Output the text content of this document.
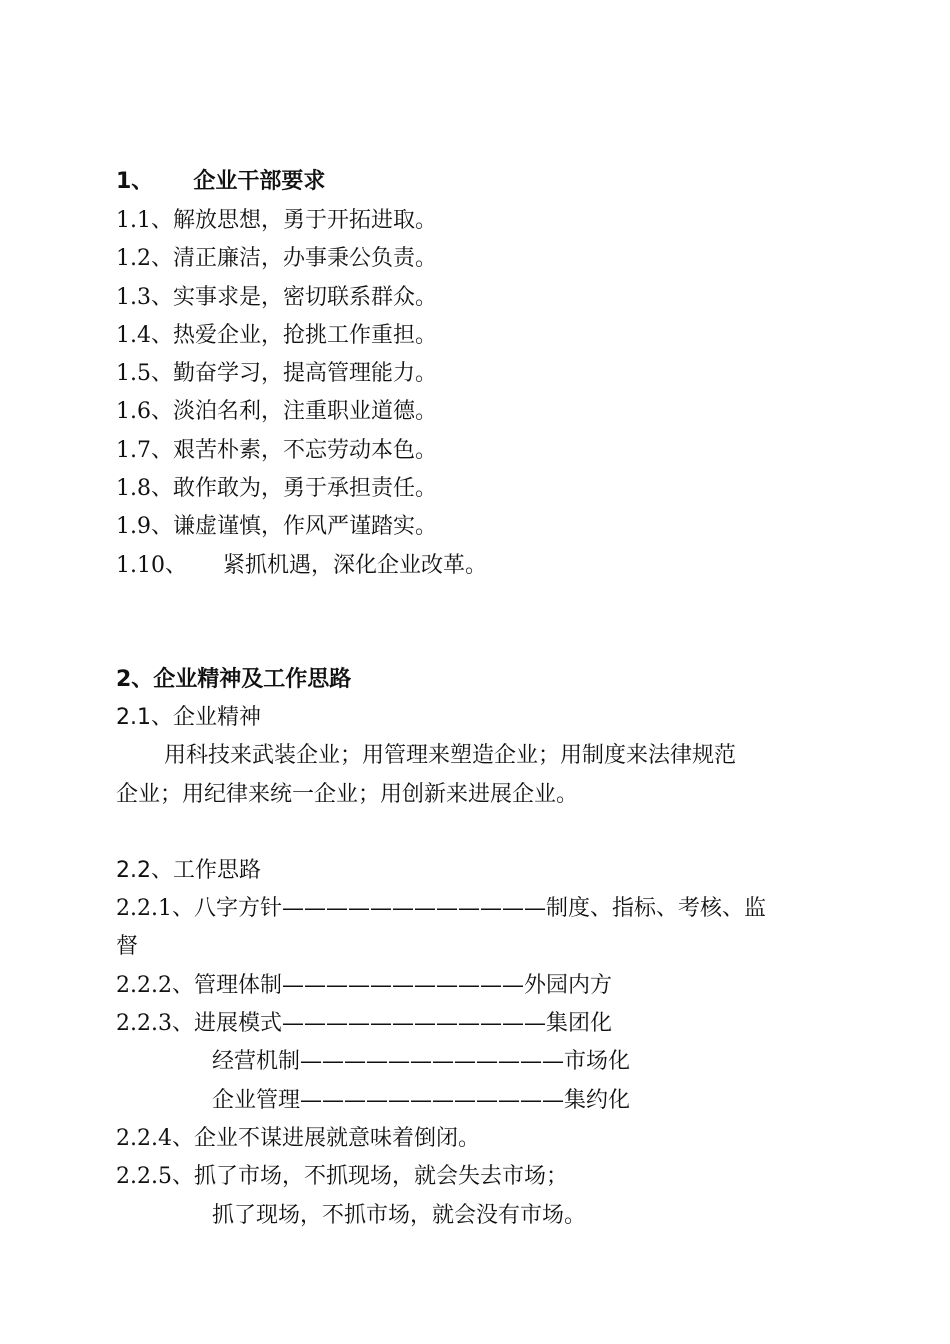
1、 企业干部要求
1.1、解放思想，勇于开拓进取。
1.2、清正廉洁，办事秉公负责。
1.3、实事求是，密切联系群众。
1.4、热爱企业，抢挑工作重担。
1.5、勤奋学习，提高管理能力。
1.6、淡泊名利，注重职业道德。
1.7、艰苦朴素，不忘劳动本色。
1.8、敢作敢为，勇于承担责任。
1.9、谦虚谨慎，作风严谨踏实。
1.10、 紧抓机遇，深化企业改革。
2、企业精神及工作思路
2.1、企业精神
用科技来武装企业；用管理来塑造企业；用制度来法律规范
企业；用纪律来统一企业；用创新来进展企业。
2.2、工作思路
2.2.1、八字方针————————————制度、指标、考核、监
督
2.2.2、管理体制———————————外园内方
2.2.3、进展模式————————————集团化
经营机制————————————市场化
企业管理————————————集约化
2.2.4、企业不谋进展就意味着倒闭。
2.2.5、抓了市场，不抓现场，就会失去市场；
抓了现场，不抓市场，就会没有市场。
